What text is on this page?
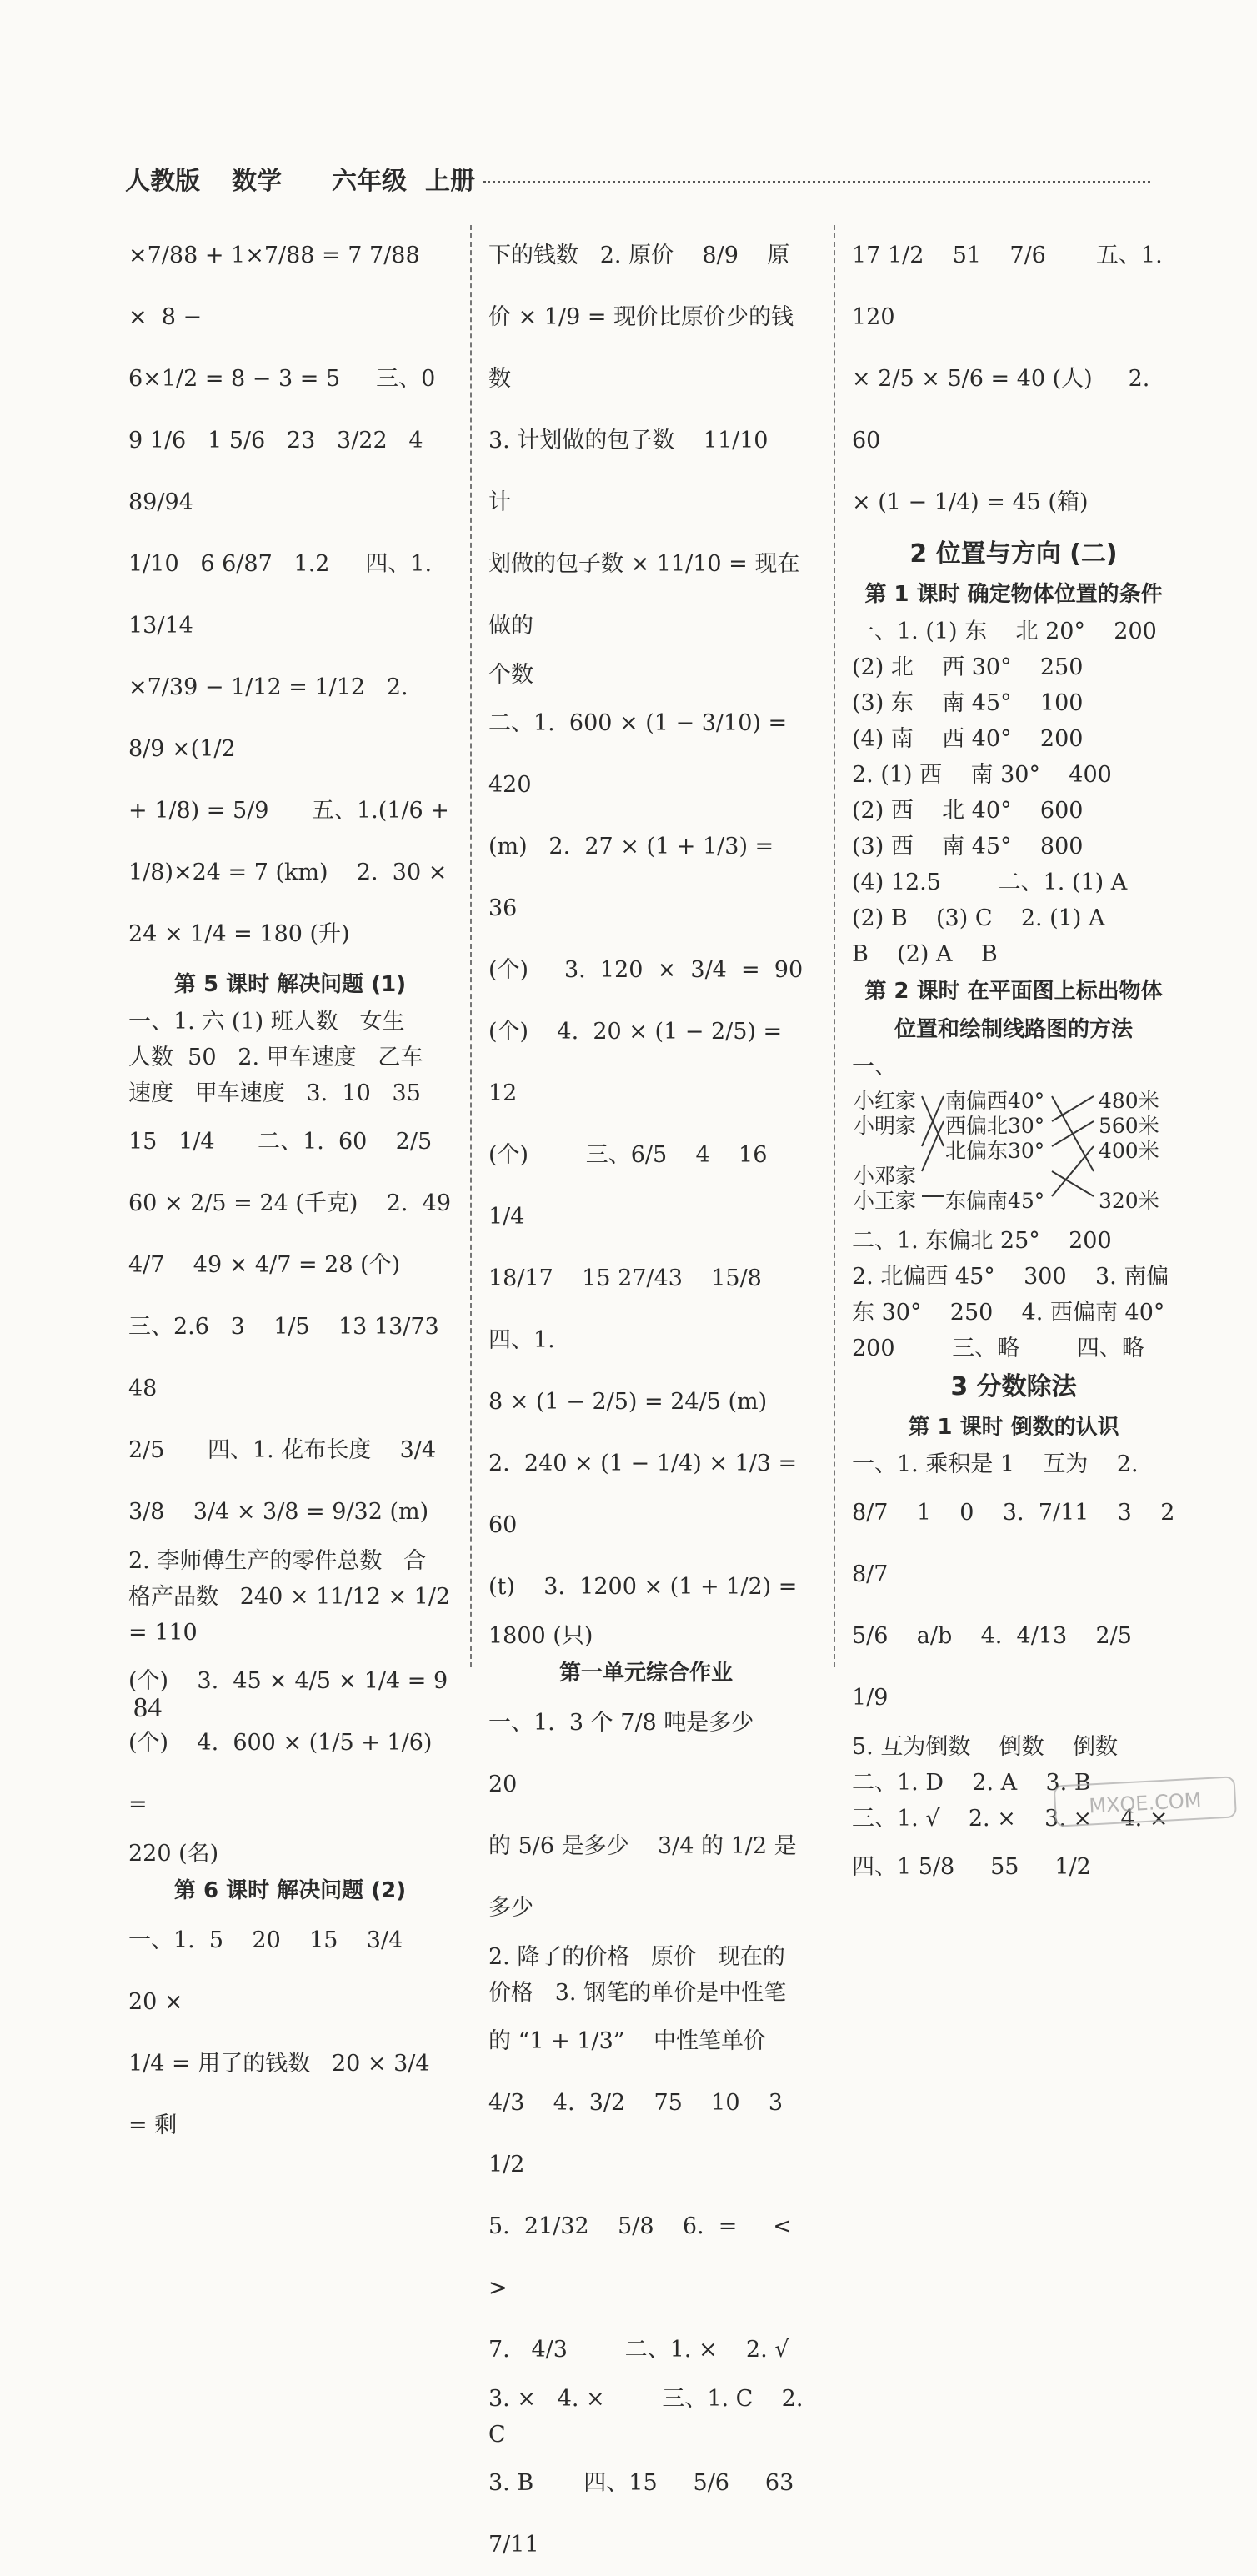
人教版 数学 六年级 上册
×7/88 + 1×7/88 = 7 7/88   ×  8 −
6×1/2 = 8 − 3 = 5     三、0
9 1/6   1 5/6   23   3/22   4 89/94
1/10   6 6/87   1.2     四、1. 13/14
×7/39 − 1/12 = 1/12   2.  8/9 ×(1/2
+ 1/8) = 5/9      五、1.(1/6 +
1/8)×24 = 7 (km)    2.  30 ×
24 × 1/4 = 180 (升)
第 5 课时 解决问题 (1)
一、1. 六 (1) 班人数   女生
人数  50   2. 甲车速度   乙车
速度   甲车速度   3.  10   35
15   1/4      二、1.  60    2/5
60 × 2/5 = 24 (千克)    2.  49
4/7    49 × 4/7 = 28 (个)
三、2.6   3    1/5    13 13/73    48
2/5      四、1. 花布长度    3/4
3/8    3/4 × 3/8 = 9/32 (m)
2. 李师傅生产的零件总数   合
格产品数   240 × 11/12 × 1/2 = 110
(个)    3.  45 × 4/5 × 1/4 = 9
(个)    4.  600 × (1/5 + 1/6) =
220 (名)
第 6 课时 解决问题 (2)
一、1.  5    20    15    3/4    20 ×
1/4 = 用了的钱数   20 × 3/4 = 剩
下的钱数   2. 原价    8/9    原
价 × 1/9 = 现价比原价少的钱数
3. 计划做的包子数    11/10    计
划做的包子数 × 11/10 = 现在做的
个数
二、1.  600 × (1 − 3/10) = 420
(m)   2.  27 × (1 + 1/3) = 36
(个)     3.  120  ×  3/4  =  90
(个)    4.  20 × (1 − 2/5) = 12
(个)        三、6/5    4    16 1/4
18/17    15 27/43    15/8        四、1.
8 × (1 − 2/5) = 24/5 (m)
2.  240 × (1 − 1/4) × 1/3 = 60
(t)    3.  1200 × (1 + 1/2) =
1800 (只)
第一单元综合作业
一、1.  3 个 7/8 吨是多少    20
的 5/6 是多少    3/4 的 1/2 是多少
2. 降了的价格   原价   现在的
价格   3. 钢笔的单价是中性笔
的 “1 + 1/3”    中性笔单价
4/3    4.  3/2    75    10    3 1/2
5.  21/32    5/8    6.  =     <     >
7.   4/3        二、1. ×    2. √
3. ×   4. ×        三、1. C    2. C
3. B       四、15     5/6     63 7/11
17 1/2    51    7/6       五、1.  120
× 2/5 × 5/6 = 40 (人)     2.  60
× (1 − 1/4) = 45 (箱)
2 位置与方向 (二)
第 1 课时 确定物体位置的条件
一、1. (1) 东    北 20°    200
(2) 北    西 30°    250
(3) 东    南 45°    100
(4) 南    西 40°    200
2. (1) 西    南 30°    400
(2) 西    北 40°    600
(3) 西    南 45°    800
(4) 12.5        二、1. (1) A
(2) B    (3) C    2. (1) A
B    (2) A    B
第 2 课时 在平面图上标出物体
位置和绘制线路图的方法
一、
小红家
小明家
小邓家
小王家
南偏西40°
西偏北30°
北偏东30°
东偏南45°
480米
560米
400米
320米
二、1. 东偏北 25°    200
2. 北偏西 45°    300    3. 南偏
东 30°    250    4. 西偏南 40°
200        三、略        四、略
3 分数除法
第 1 课时 倒数的认识
一、1. 乘积是 1    互为    2.
8/7    1    0    3.  7/11    3    2    8/7
5/6    a/b    4.  4/13    2/5    1/9
5. 互为倒数    倒数    倒数
二、1. D    2. A    3. B
三、1. √    2. ×    3. ×    4. ×
四、1 5/8     55     1/2
84
MXQE.COM
